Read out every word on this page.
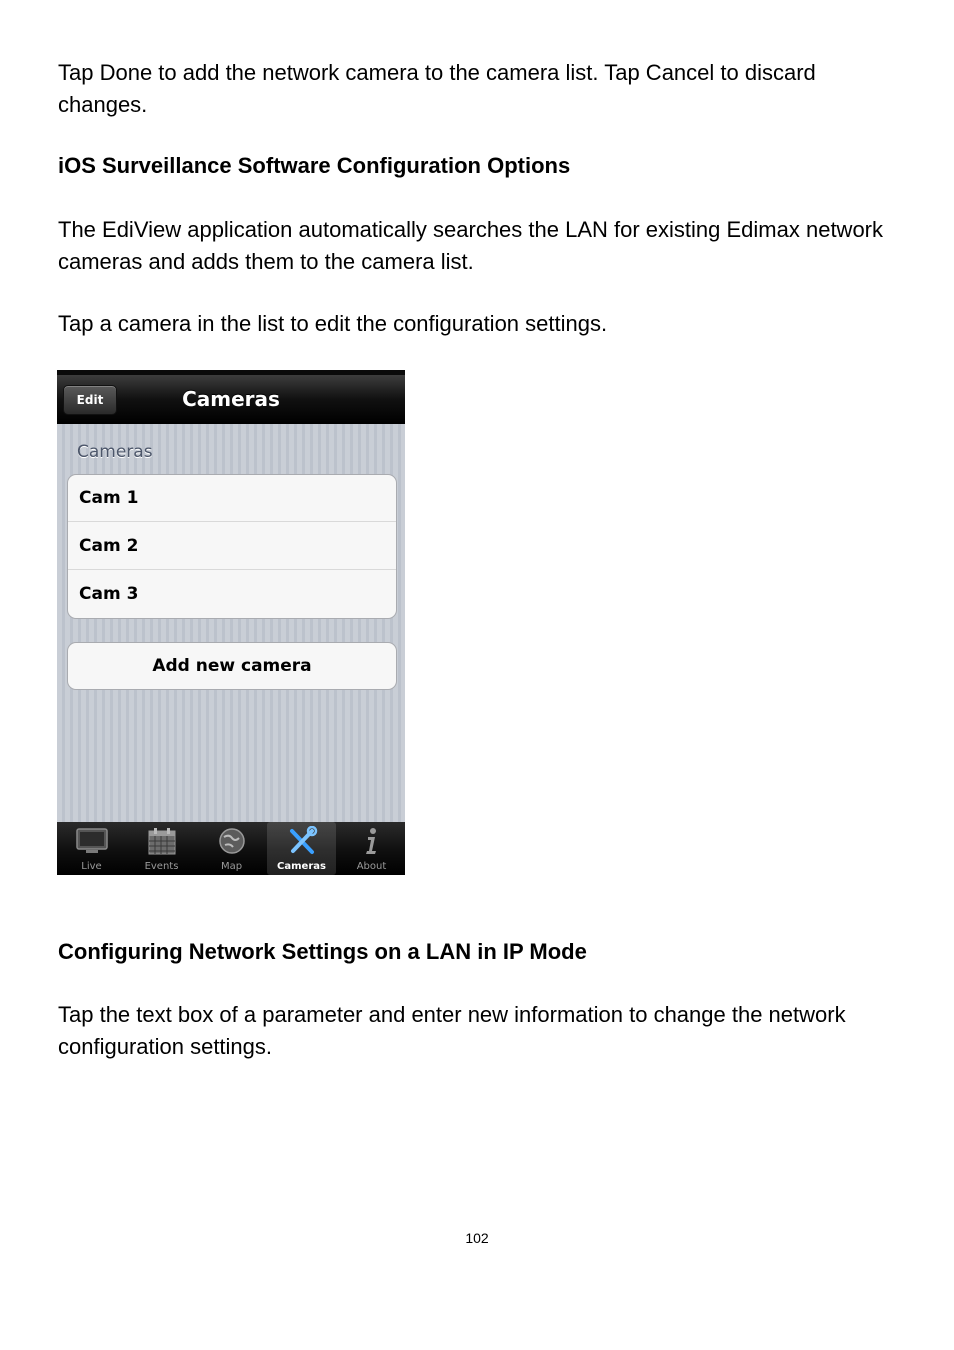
Tap Done to add the network camera to the camera list. Tap Cancel to discard changes.

iOS Surveillance Software Configuration Options

The EdiView application automatically searches the LAN for existing Edimax network cameras and adds them to the camera list.

Tap a camera in the list to edit the configuration settings.

Edit	Cameras
Cameras
Cam 1
Cam 2
Cam 3
Add new camera
Live	Events	Map	Cameras	About

Configuring Network Settings on a LAN in IP Mode

Tap the text box of a parameter and enter new information to change the network configuration settings.

102
